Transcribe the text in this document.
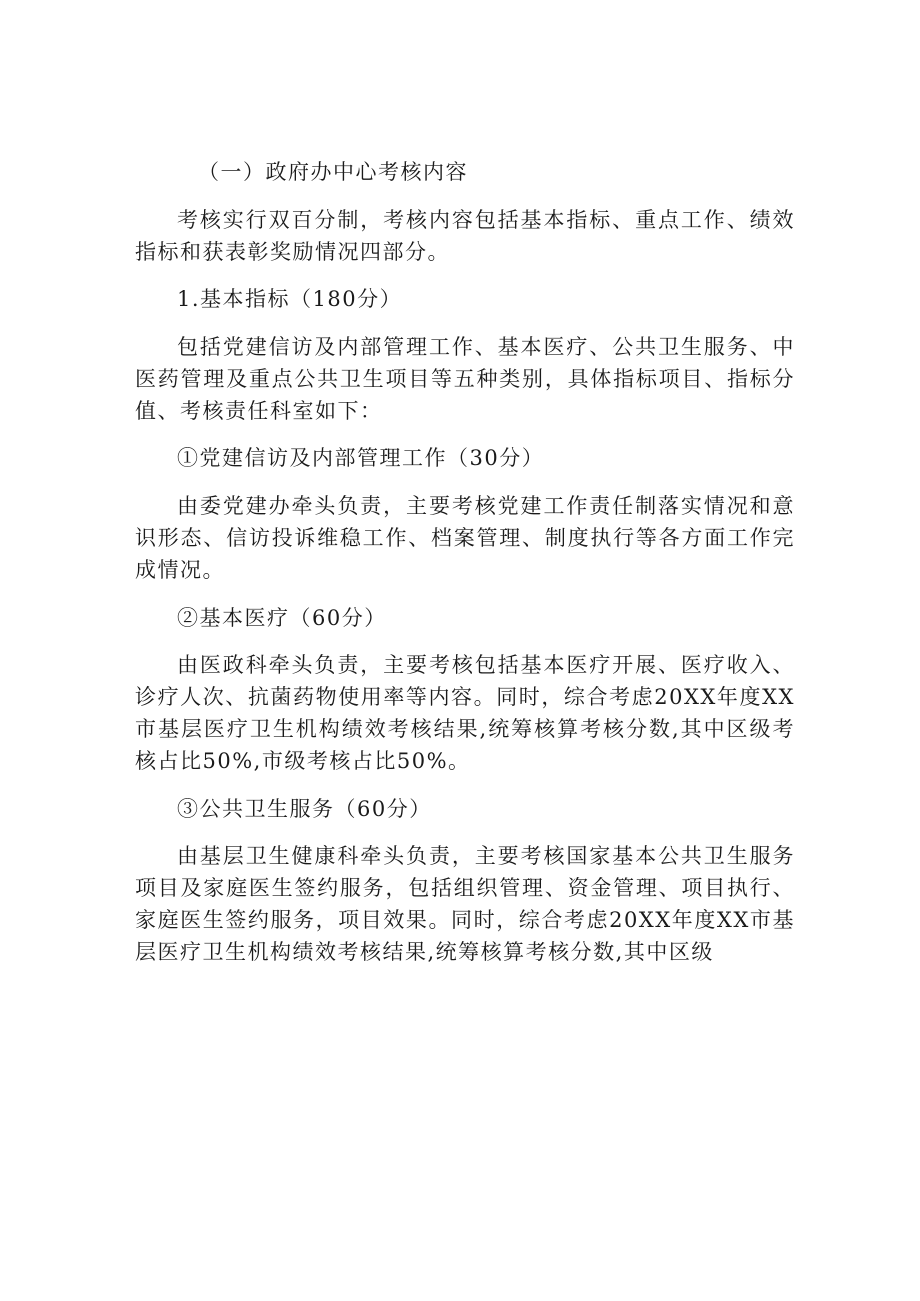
（一）政府办中心考核内容

考核实行双百分制，考核内容包括基本指标、重点工作、绩效指标和获表彰奖励情况四部分。

1.基本指标（180分）

包括党建信访及内部管理工作、基本医疗、公共卫生服务、中医药管理及重点公共卫生项目等五种类别，具体指标项目、指标分值、考核责任科室如下：

①党建信访及内部管理工作（30分）

由委党建办牵头负责，主要考核党建工作责任制落实情况和意识形态、信访投诉维稳工作、档案管理、制度执行等各方面工作完成情况。

②基本医疗（60分）

由医政科牵头负责，主要考核包括基本医疗开展、医疗收入、诊疗人次、抗菌药物使用率等内容。同时，综合考虑20XX年度XX市基层医疗卫生机构绩效考核结果,统筹核算考核分数,其中区级考核占比50%,市级考核占比50%。

③公共卫生服务（60分）

由基层卫生健康科牵头负责，主要考核国家基本公共卫生服务项目及家庭医生签约服务，包括组织管理、资金管理、项目执行、家庭医生签约服务，项目效果。同时，综合考虑20XX年度XX市基层医疗卫生机构绩效考核结果,统筹核算考核分数,其中区级
